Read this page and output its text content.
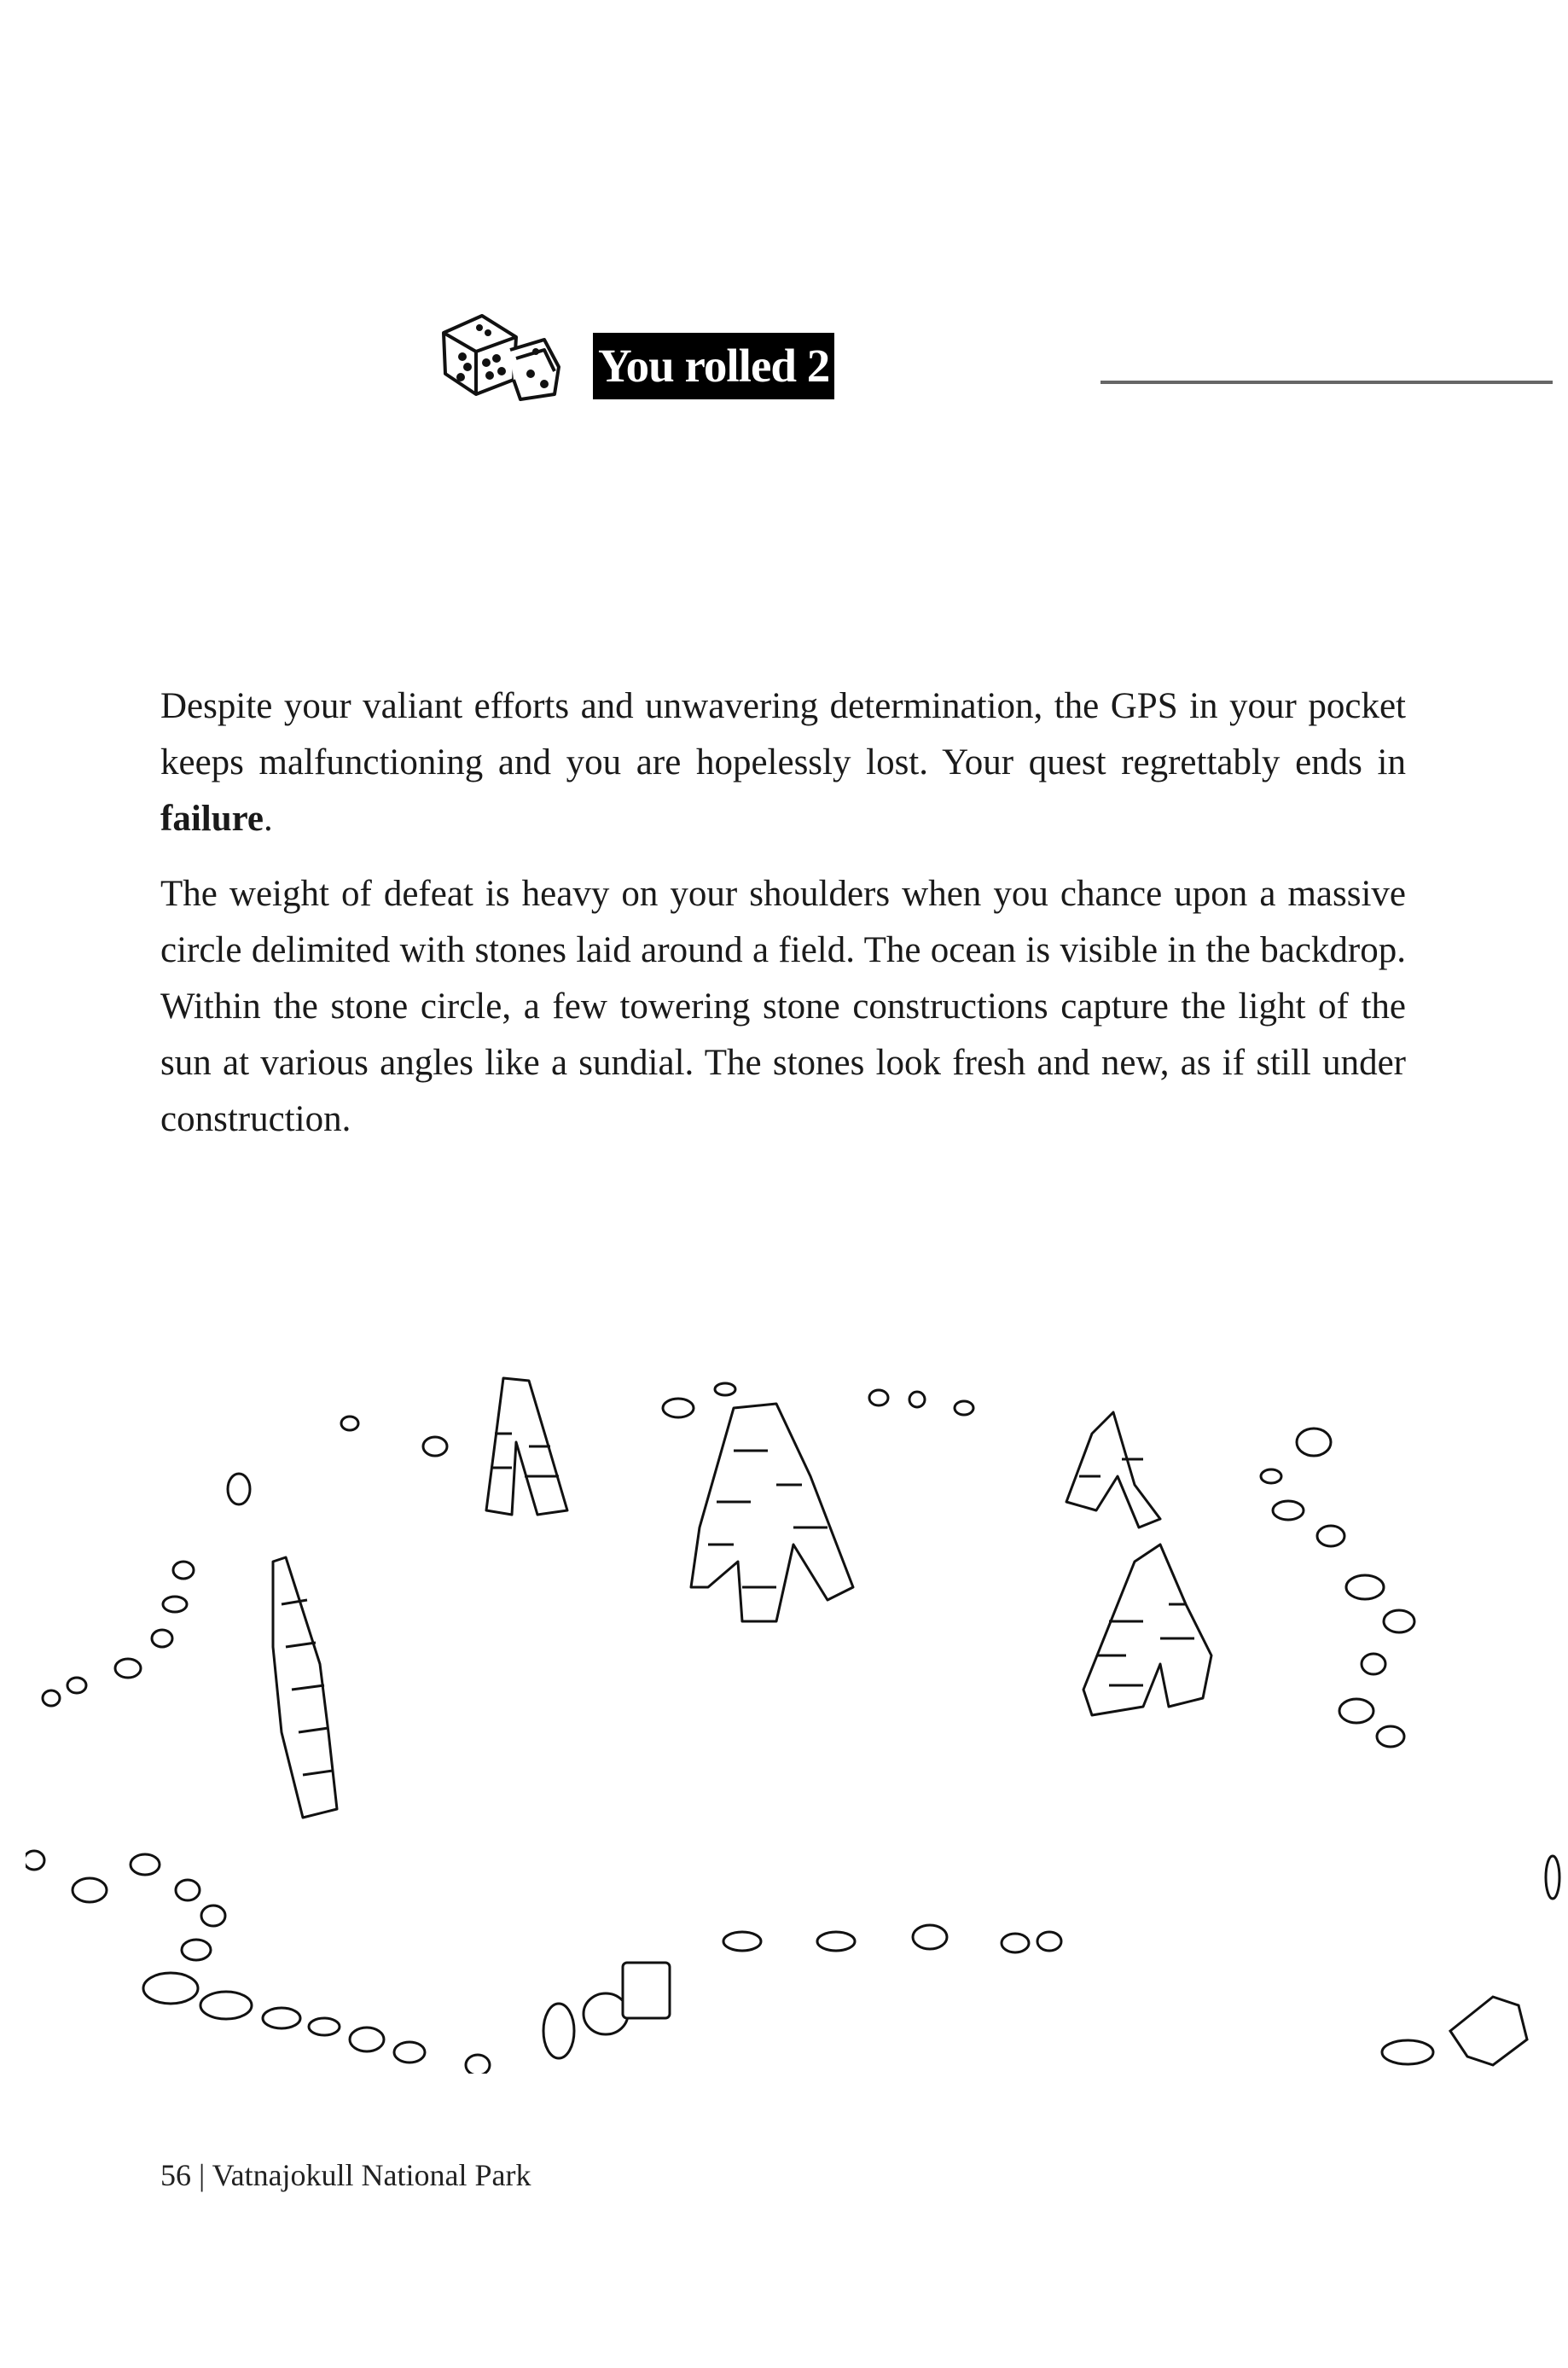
You rolled 2

Despite your valiant efforts and unwavering determination, the GPS in your pocket keeps malfunctioning and you are hopelessly lost. Your quest regrettably ends in failure.

The weight of defeat is heavy on your shoulders when you chance upon a massive circle delimited with stones laid around a field. The ocean is visible in the backdrop. Within the stone circle, a few towering stone constructions capture the light of the sun at various angles like a sundial. The stones look fresh and new, as if still under construction.

56 | Vatnajokull National Park
